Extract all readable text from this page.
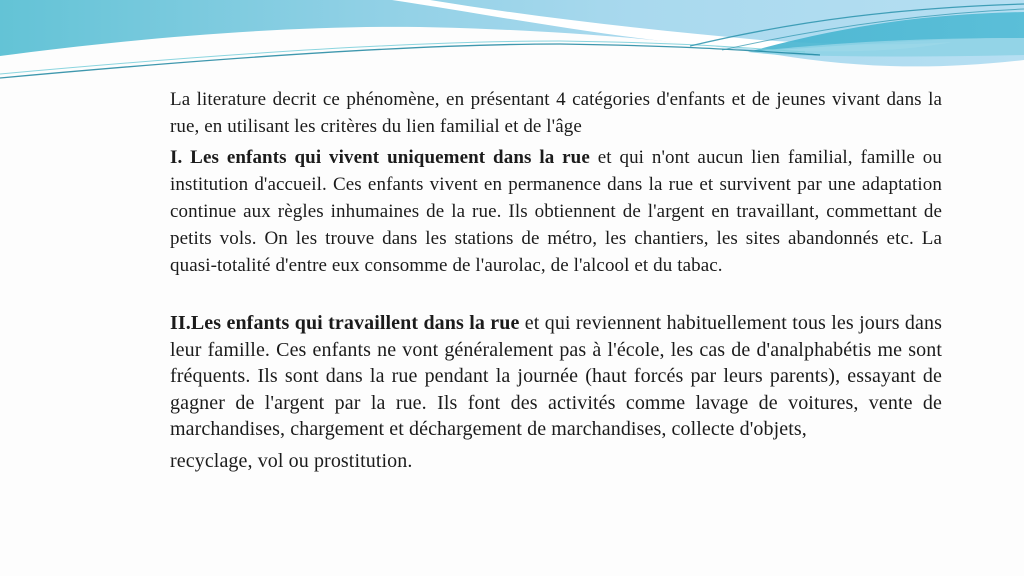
La literature decrit ce phénomène, en présentant 4 catégories d'enfants et de jeunes vivant dans la rue, en utilisant les critères du lien familial et de l'âge

I. Les enfants qui vivent uniquement dans la rue et qui n'ont aucun lien familial, famille ou institution d'accueil. Ces enfants vivent en permanence dans la rue et survivent par une adaptation continue aux règles inhumaines de la rue. Ils obtiennent de l'argent en travaillant, commettant de petits vols. On les trouve dans les stations de métro, les chantiers, les sites abandonnés etc. La quasi-totalité d'entre eux consomme de l'aurolac, de l'alcool et du tabac.

II.Les enfants qui travaillent dans la rue et qui reviennent habituellement tous les jours dans leur famille. Ces enfants ne vont généralement pas à l'école, les cas de d'analphabétis me sont fréquents. Ils sont dans la rue pendant la journée (haut forcés par leurs parents), essayant de gagner de l'argent par la rue. Ils font des activités comme lavage de voitures, vente de marchandises, chargement et déchargement de marchandises, collecte d'objets,

recyclage, vol ou prostitution.
